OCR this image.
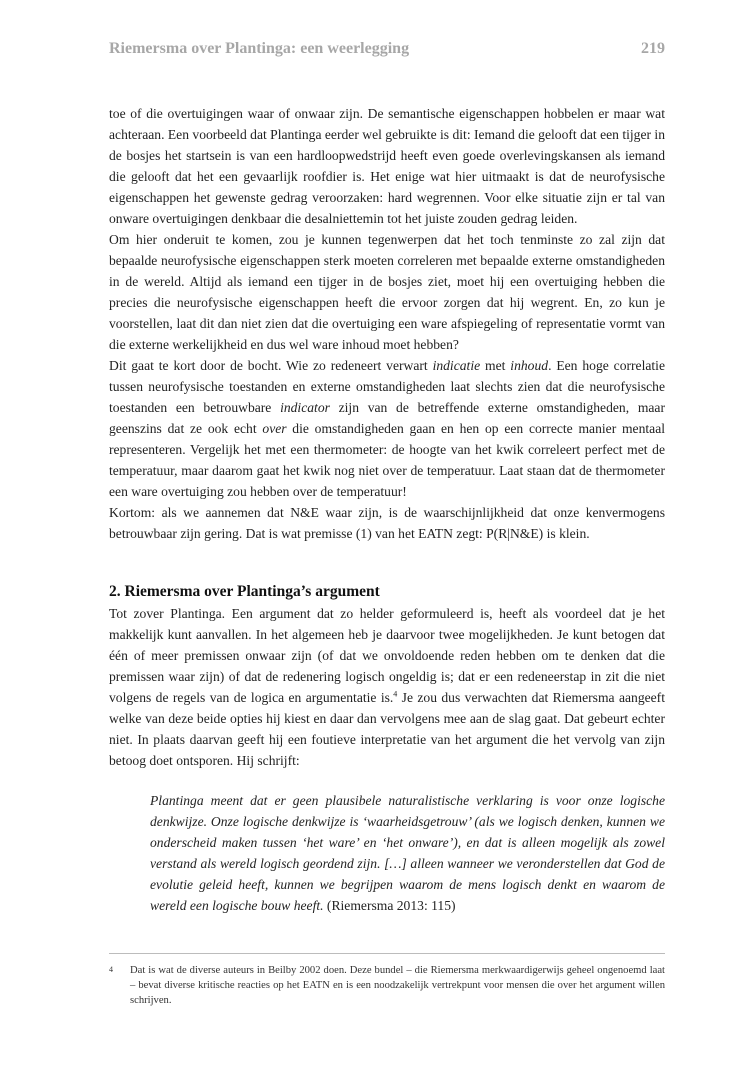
Riemersma over Plantinga: een weerlegging	219

toe of die overtuigingen waar of onwaar zijn. De semantische eigenschappen hobbelen er maar wat achteraan. Een voorbeeld dat Plantinga eerder wel gebruikte is dit: Iemand die gelooft dat een tijger in de bosjes het startsein is van een hardloopwedstrijd heeft even goede overlevingskansen als iemand die gelooft dat het een gevaarlijk roofdier is. Het enige wat hier uitmaakt is dat de neurofysische eigenschappen het gewenste gedrag veroorzaken: hard wegrennen. Voor elke situatie zijn er tal van onware overtuigingen denkbaar die desalniettemin tot het juiste zouden gedrag leiden.

Om hier onderuit te komen, zou je kunnen tegenwerpen dat het toch tenminste zo zal zijn dat bepaalde neurofysische eigenschappen sterk moeten correleren met bepaalde externe omstandigheden in de wereld. Altijd als iemand een tijger in de bosjes ziet, moet hij een overtuiging hebben die precies die neurofysische eigenschappen heeft die ervoor zorgen dat hij wegrent. En, zo kun je voorstellen, laat dit dan niet zien dat die overtuiging een ware afspiegeling of representatie vormt van die externe werkelijkheid en dus wel ware inhoud moet hebben?

Dit gaat te kort door de bocht. Wie zo redeneert verwart indicatie met inhoud. Een hoge correlatie tussen neurofysische toestanden en externe omstandigheden laat slechts zien dat die neurofysische toestanden een betrouwbare indicator zijn van de betreffende externe omstandigheden, maar geenszins dat ze ook echt over die omstandigheden gaan en hen op een correcte manier mentaal representeren. Vergelijk het met een thermometer: de hoogte van het kwik correleert perfect met de temperatuur, maar daarom gaat het kwik nog niet over de temperatuur. Laat staan dat de thermometer een ware overtuiging zou hebben over de temperatuur!

Kortom: als we aannemen dat N&E waar zijn, is de waarschijnlijkheid dat onze kenvermogens betrouwbaar zijn gering. Dat is wat premisse (1) van het EATN zegt: P(R|N&E) is klein.

2. Riemersma over Plantinga’s argument

Tot zover Plantinga. Een argument dat zo helder geformuleerd is, heeft als voordeel dat je het makkelijk kunt aanvallen. In het algemeen heb je daarvoor twee mogelijkheden. Je kunt betogen dat één of meer premissen onwaar zijn (of dat we onvoldoende reden hebben om te denken dat die premissen waar zijn) of dat de redenering logisch ongeldig is; dat er een redeneerstap in zit die niet volgens de regels van de logica en argumentatie is.$^4$ Je zou dus verwachten dat Riemersma aangeeft welke van deze beide opties hij kiest en daar dan vervolgens mee aan de slag gaat. Dat gebeurt echter niet. In plaats daarvan geeft hij een foutieve interpretatie van het argument die het vervolg van zijn betoog doet ontsporen. Hij schrijft:

Plantinga meent dat er geen plausibele naturalistische verklaring is voor onze logische denkwijze. Onze logische denkwijze is ‘waarheidsgetrouw’ (als we logisch denken, kunnen we onderscheid maken tussen ‘het ware’ en ‘het onware’), en dat is alleen mogelijk als zowel verstand als wereld logisch geordend zijn. […] alleen wanneer we veronderstellen dat God de evolutie geleid heeft, kunnen we begrijpen waarom de mens logisch denkt en waarom de wereld een logische bouw heeft. (Riemersma 2013: 115)
4	Dat is wat de diverse auteurs in Beilby 2002 doen. Deze bundel – die Riemersma merkwaardigerwijs geheel ongenoemd laat – bevat diverse kritische reacties op het EATN en is een noodzakelijk vertrekpunt voor mensen die over het argument willen schrijven.
